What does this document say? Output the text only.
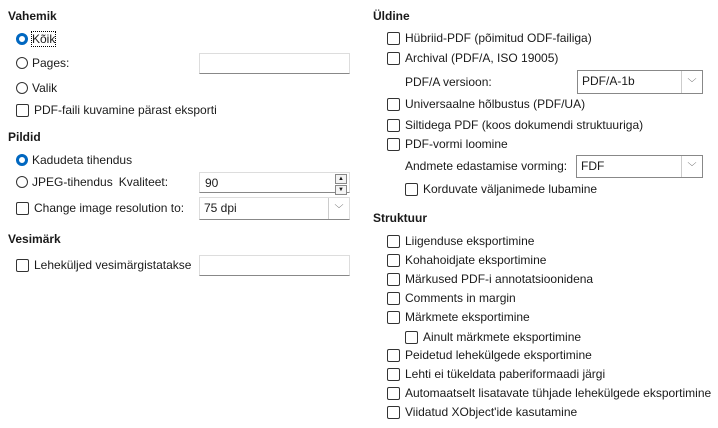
Vahemik
Kõik
Pages:
Valik
PDF-faili kuvamine pärast eksporti
Pildid
Kadudeta tihendus
JPEG-tihendus Kvaliteet:	90	▲
▼
Change image resolution to:	75 dpi	﹀
Vesimärk
Leheküljed vesimärgistatakse
Üldine
Hübriid-PDF (põimitud ODF-failiga)
Archival (PDF/A, ISO 19005)
PDF/A versioon:	PDF/A-1b	﹀
Universaalne hõlbustus (PDF/UA)
Siltidega PDF (koos dokumendi struktuuriga)
PDF-vormi loomine
Andmete edastamise vorming:	FDF	﹀
Korduvate väljanimede lubamine
Struktuur
Liigenduse eksportimine
Kohahoidjate eksportimine
Märkused PDF-i annotatsioonidena
Comments in margin
Märkmete eksportimine
Ainult märkmete eksportimine
Peidetud lehekülgede eksportimine
Lehti ei tükeldata paberiformaadi järgi
Automaatselt lisatavate tühjade lehekülgede eksportimine
Viidatud XObject'ide kasutamine
